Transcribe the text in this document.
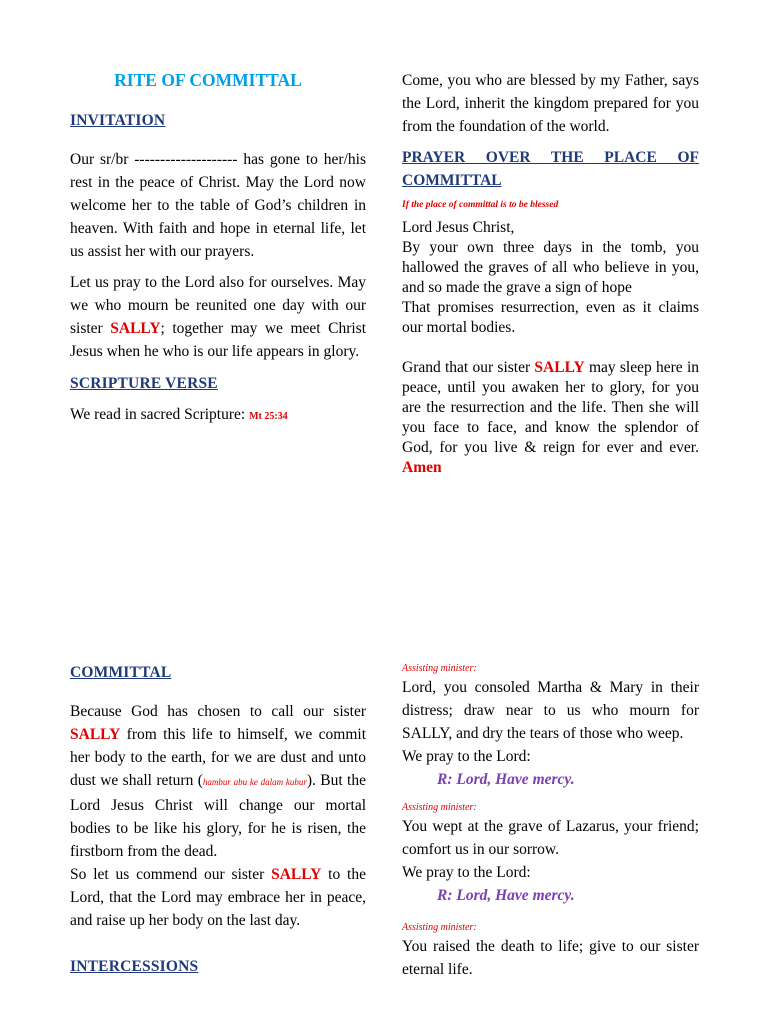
RITE OF COMMITTAL

INVITATION

Our sr/br -------------------- has gone to her/his rest in the peace of Christ. May the Lord now welcome her to the table of God’s children in heaven. With faith and hope in eternal life, let us assist her with our prayers.

Let us pray to the Lord also for ourselves. May we who mourn be reunited one day with our sister SALLY; together may we meet Christ Jesus when he who is our life appears in glory.

SCRIPTURE VERSE

We read in sacred Scripture: Mt 25:34

Come, you who are blessed by my Father, says the Lord, inherit the kingdom prepared for you from the foundation of the world.

PRAYER OVER THE PLACE OF COMMITTAL

If the place of committal is to be blessed

Lord Jesus Christ,

By your own three days in the tomb, you hallowed the graves of all who believe in you, and so made the grave a sign of hope

That promises resurrection, even as it claims our mortal bodies.

Grand that our sister SALLY may sleep here in peace, until you awaken her to glory, for you are the resurrection and the life. Then she will you face to face, and know the splendor of God, for you live & reign for ever and ever. Amen

COMMITTAL

Because God has chosen to call our sister SALLY from this life to himself, we commit her body to the earth, for we are dust and unto dust we shall return (hambur abu ke dalam kubur). But the Lord Jesus Christ will change our mortal bodies to be like his glory, for he is risen, the firstborn from the dead.

So let us commend our sister SALLY to the Lord, that the Lord may embrace her in peace, and raise up her body on the last day.

INTERCESSIONS

Assisting minister:

Lord, you consoled Martha & Mary in their distress; draw near to us who mourn for SALLY, and dry the tears of those who weep.

We pray to the Lord:

R: Lord, Have mercy.

Assisting minister:

You wept at the grave of Lazarus, your friend; comfort us in our sorrow.

We pray to the Lord:

R: Lord, Have mercy.

Assisting minister:

You raised the death to life; give to our sister eternal life.
